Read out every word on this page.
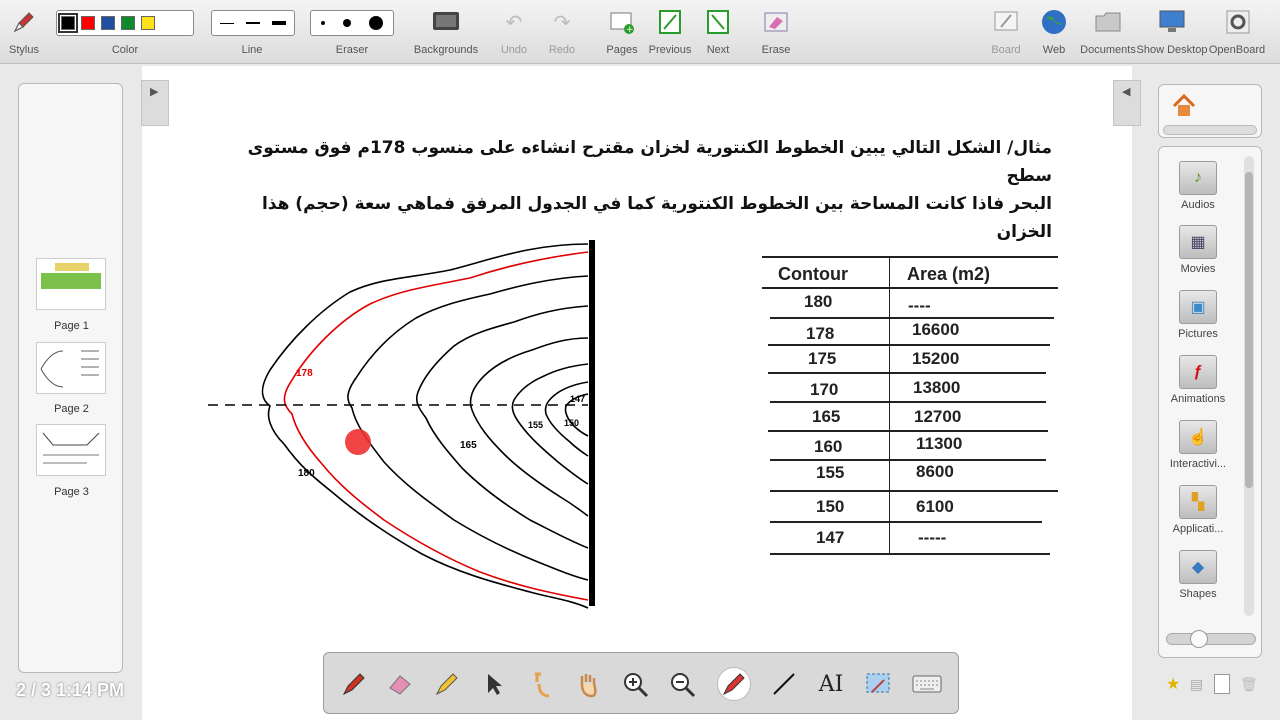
Stylus	Color	Line	Eraser	Backgrounds
↶
Undo
↷
Redo
+
Pages Previous Next	Erase	Board Web Documents Show Desktop OpenBoard
Page 1
Page 2
Page 3
2 / 3 1:14 PM
▶	◀
مثال/ الشكل التالي يبين الخطوط الكنتورية لخزان مقترح انشاءه على منسوب 178م فوق مستوى سطح
البحر فاذا كانت المساحة بين الخطوط الكنتورية كما في الجدول المرفق فماهي سعة (حجم) هذا الخزان
178
180
165
155 150
147
Contour	Area (m2)
180	----
178	16600
175	15200
170	13800
165	12700
160	11300
155	8600
150	6100
147	-----
♪
Audios
▦
Movies
▣
Pictures
ƒ
Animations
☝
Interactivi...
▚
Applicati...
◆
Shapes
★ ▤	🗑
AI
